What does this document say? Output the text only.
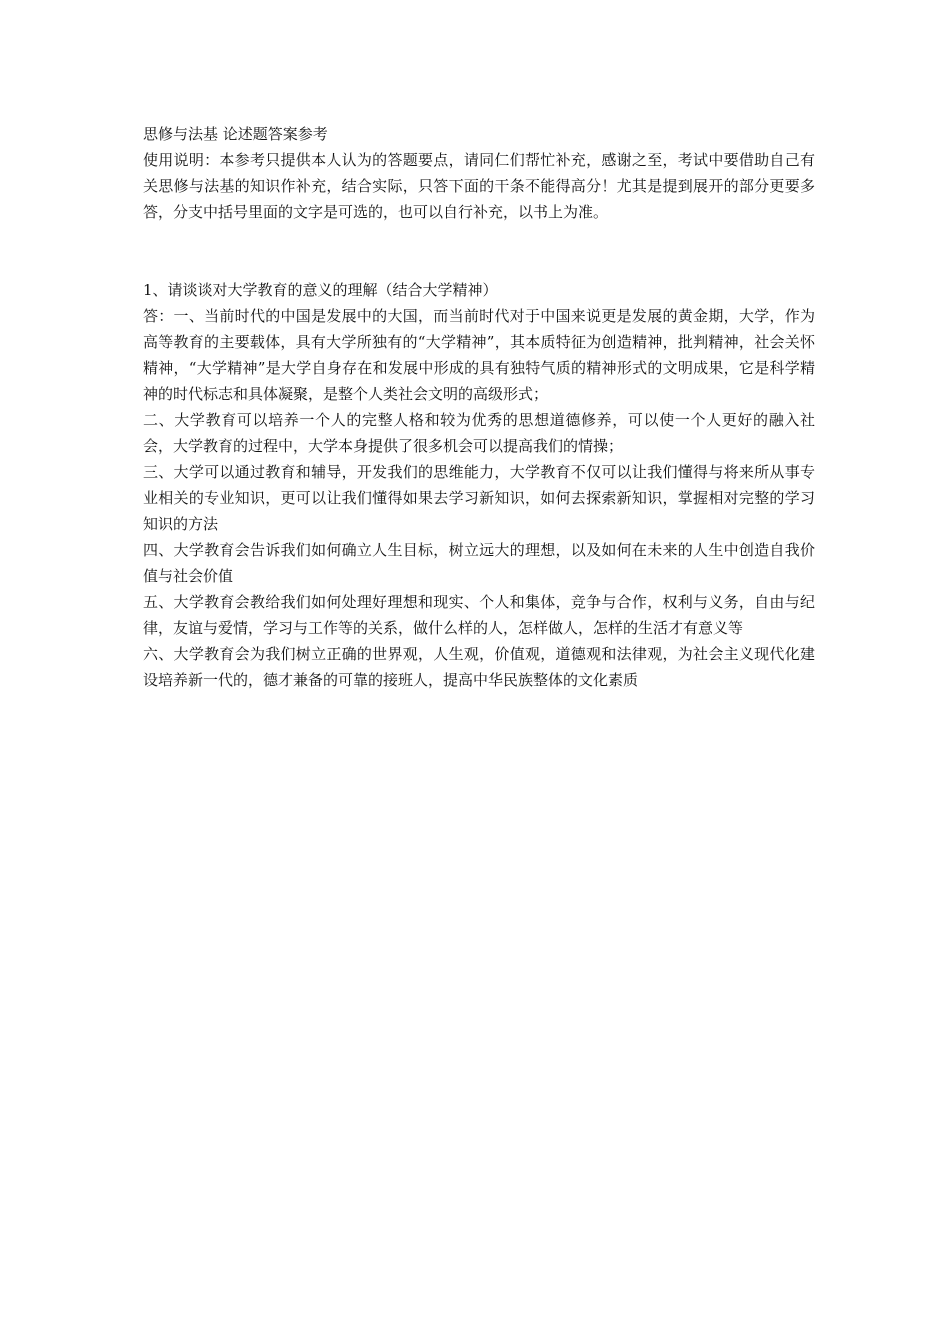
思修与法基 论述题答案参考

使用说明：本参考只提供本人认为的答题要点，请同仁们帮忙补充，感谢之至，考试中要借助自己有关思修与法基的知识作补充，结合实际，只答下面的干条不能得高分！尤其是提到展开的部分更要多答，分支中括号里面的文字是可选的，也可以自行补充，以书上为准。

1、请谈谈对大学教育的意义的理解（结合大学精神）

答：一、当前时代的中国是发展中的大国，而当前时代对于中国来说更是发展的黄金期，大学，作为高等教育的主要载体，具有大学所独有的“大学精神”，其本质特征为创造精神，批判精神，社会关怀精神，“大学精神”是大学自身存在和发展中形成的具有独特气质的精神形式的文明成果，它是科学精神的时代标志和具体凝聚，是整个人类社会文明的高级形式；

二、大学教育可以培养一个人的完整人格和较为优秀的思想道德修养，可以使一个人更好的融入社会，大学教育的过程中，大学本身提供了很多机会可以提高我们的情操；

三、大学可以通过教育和辅导，开发我们的思维能力，大学教育不仅可以让我们懂得与将来所从事专业相关的专业知识，更可以让我们懂得如果去学习新知识，如何去探索新知识，掌握相对完整的学习知识的方法

四、大学教育会告诉我们如何确立人生目标，树立远大的理想，以及如何在未来的人生中创造自我价值与社会价值

五、大学教育会教给我们如何处理好理想和现实、个人和集体，竞争与合作，权利与义务，自由与纪律，友谊与爱情，学习与工作等的关系，做什么样的人，怎样做人，怎样的生活才有意义等

六、大学教育会为我们树立正确的世界观，人生观，价值观，道德观和法律观，为社会主义现代化建设培养新一代的，德才兼备的可靠的接班人，提高中华民族整体的文化素质
